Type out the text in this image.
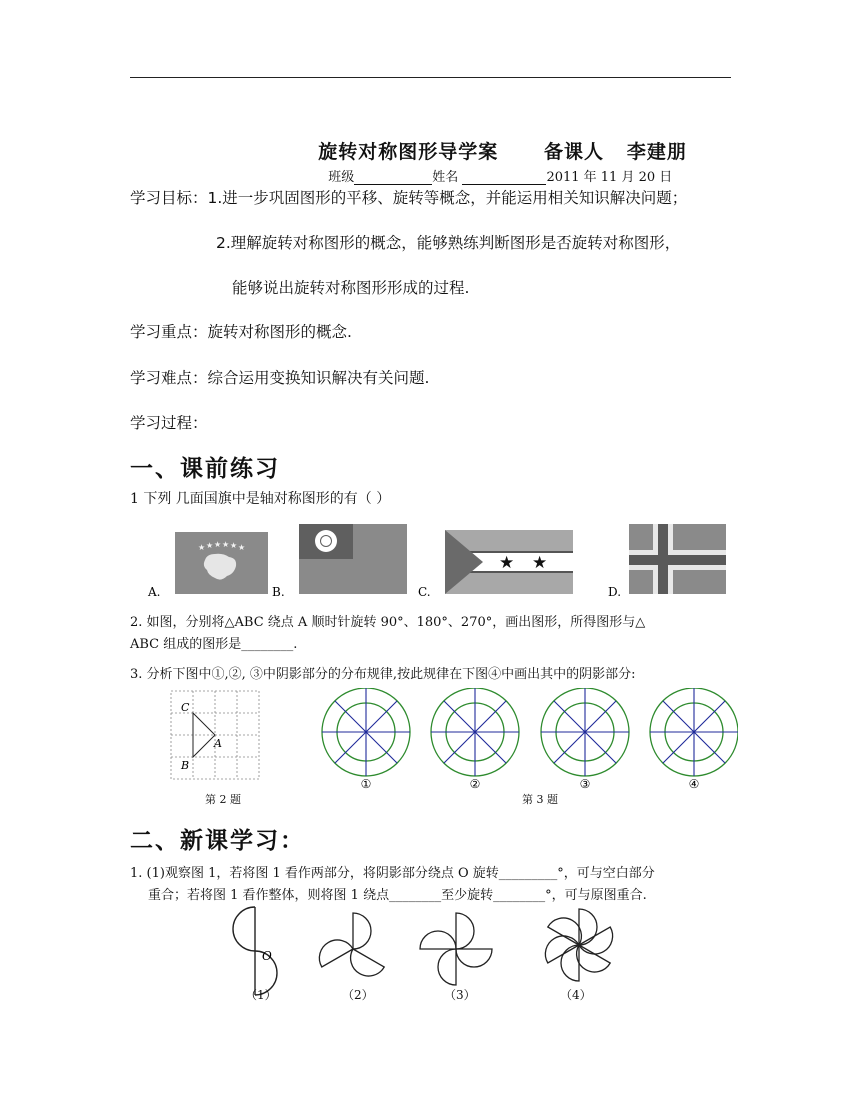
旋转对称图形导学案 备课人 李建朋

班级	姓名	2011 年 11 月 20 日

学习目标：1.进一步巩固图形的平移、旋转等概念，并能运用相关知识解决问题；
2.理解旋转对称图形的概念，能够熟练判断图形是否旋转对称图形，
能够说出旋转对称图形形成的过程.
学习重点：旋转对称图形的概念.
学习难点：综合运用变换知识解决有关问题.
学习过程：
一、课前练习
1 下列 几面国旗中是轴对称图形的有（ ）
★ ★ ★ ★ ★ ★
A.	B.
★ ★
C.	D.
2. 如图，分别将△ABC 绕点 A 顺时针旋转 90°、180°、270°，画出图形，所得图形与△
ABC 组成的图形是________.
3. 分析下图中①,②, ③中阴影部分的分布规律,按此规律在下图④中画出其中的阴影部分:
C
A
B
第 2 题
①	②	③	④
第 3 题
二、新课学习：
1. (1)观察图 1，若将图 1 看作两部分，将阴影部分绕点 O 旋转_________°，可与空白部分
重合；若将图 1 看作整体，则将图 1 绕点________至少旋转________°，可与原图重合.
O
（1）	（2）	（3）	（4）
